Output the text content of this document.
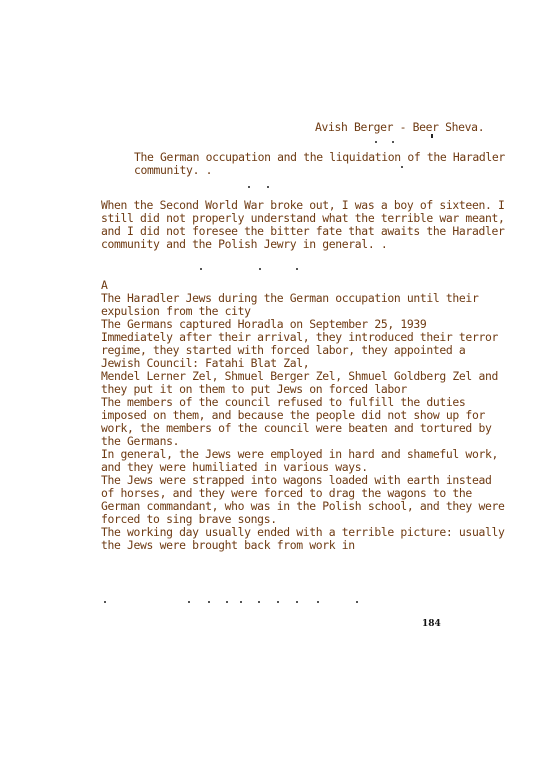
Avish Berger - Beer Sheva.
The German occupation and the liquidation of the Haradler
community. .

When the Second World War broke out, I was a boy of sixteen. I

still did not properly understand what the terrible war meant,

and I did not foresee the bitter fate that awaits the Haradler

community and the Polish Jewry in general. .

A

The Haradler Jews during the German occupation until their

expulsion from the city

The Germans captured Horadla on September 25, 1939

Immediately after their arrival, they introduced their terror

regime, they started with forced labor, they appointed a

Jewish Council: Fatahi Blat Zal,

Mendel Lerner Zel, Shmuel Berger Zel, Shmuel Goldberg Zel and

they put it on them to put Jews on forced labor

The members of the council refused to fulfill the duties

imposed on them, and because the people did not show up for

work, the members of the council were beaten and tortured by

the Germans.

In general, the Jews were employed in hard and shameful work,

and they were humiliated in various ways.

The Jews were strapped into wagons loaded with earth instead

of horses, and they were forced to drag the wagons to the

German commandant, who was in the Polish school, and they were

forced to sing brave songs.

The working day usually ended with a terrible picture: usually

the Jews were brought back from work in

184
